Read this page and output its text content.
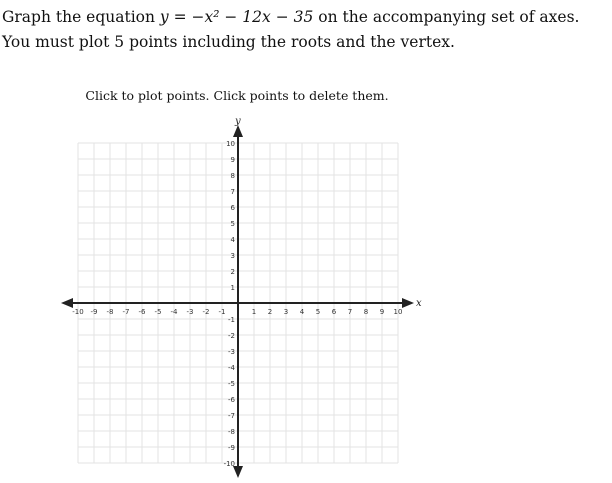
Graph the equation y = −x² − 12x − 35 on the accompanying set of axes. You must plot 5 points including the roots and the vertex.
Click to plot points. Click points to delete them.
-10 -9 -8 -7 -6 -5 -4 -3 -2 -1	1 2 3 4 5 6 7 8 9 10
10
9
8
7
6
5
4
3
2
1
-1
-2
-3
-4
-5
-6
-7
-8
-9
-10
x
y
